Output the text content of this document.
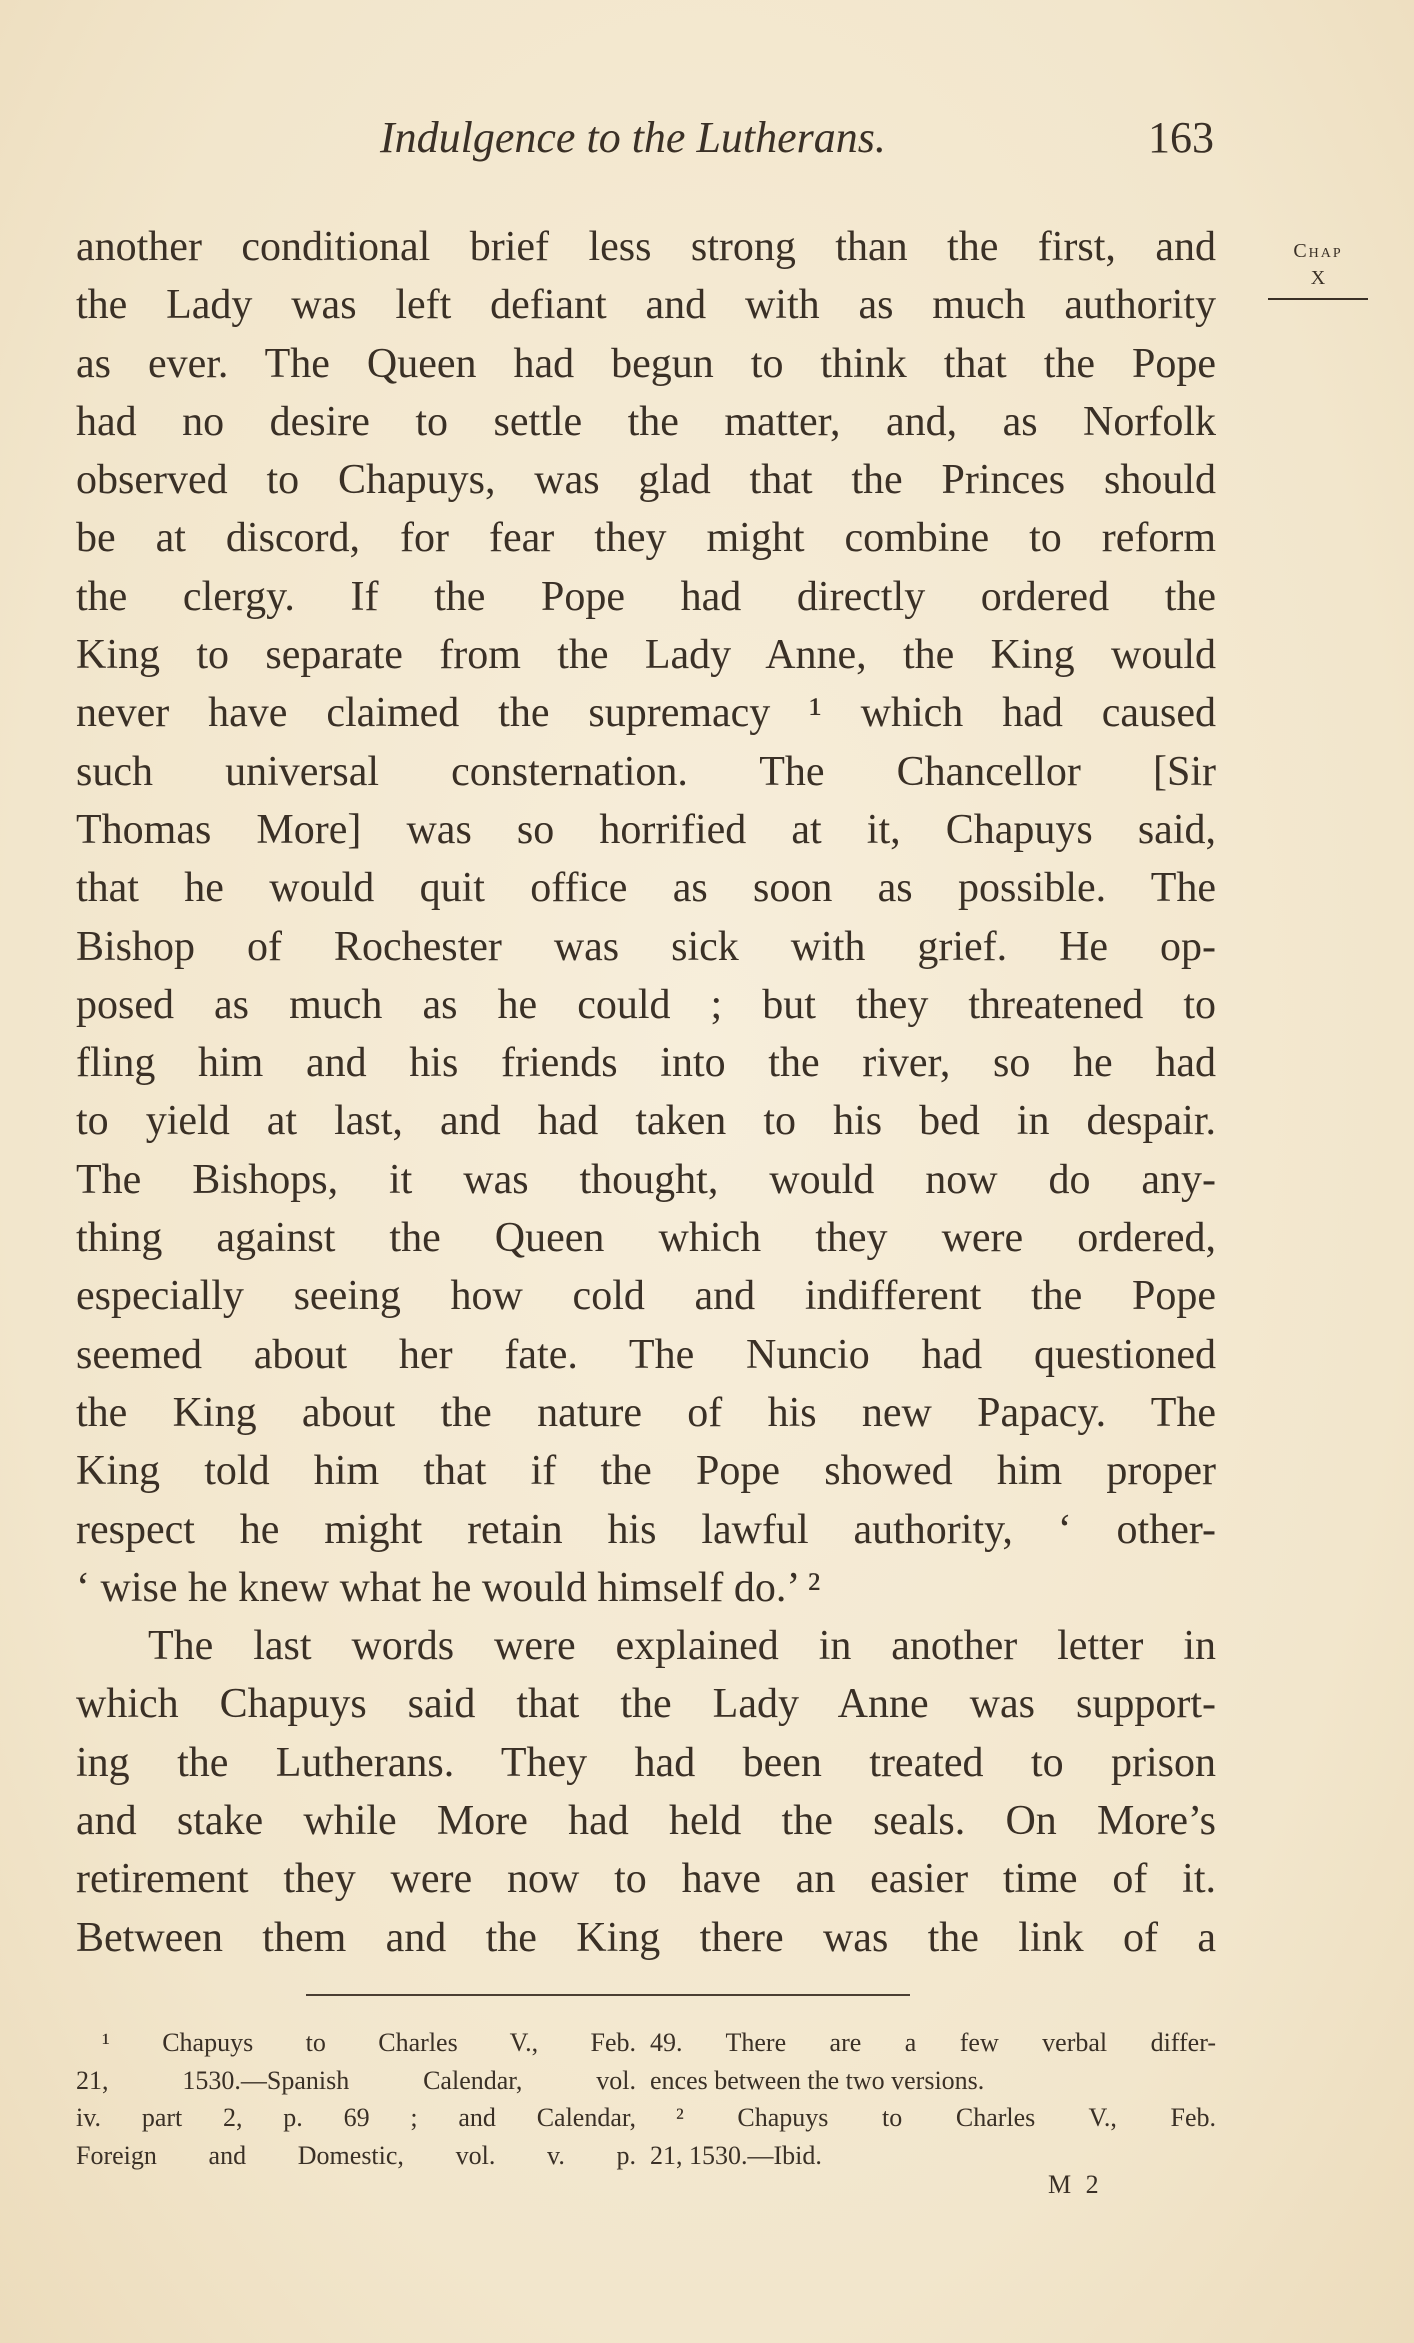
Indulgence to the Lutherans.	163
Chap
X
another conditional brief less strong than the first, and
the Lady was left defiant and with as much authority
as ever. The Queen had begun to think that the Pope
had no desire to settle the matter, and, as Norfolk
observed to Chapuys, was glad that the Princes should
be at discord, for fear they might combine to reform
the clergy. If the Pope had directly ordered the
King to separate from the Lady Anne, the King would
never have claimed the supremacy ¹ which had caused
such universal consternation. The Chancellor [Sir
Thomas More] was so horrified at it, Chapuys said,
that he would quit office as soon as possible. The
Bishop of Rochester was sick with grief. He op-
posed as much as he could ; but they threatened to
fling him and his friends into the river, so he had
to yield at last, and had taken to his bed in despair.
The Bishops, it was thought, would now do any-
thing against the Queen which they were ordered,
especially seeing how cold and indifferent the Pope
seemed about her fate. The Nuncio had questioned
the King about the nature of his new Papacy. The
King told him that if the Pope showed him proper
respect he might retain his lawful authority, ‘ other-
‘ wise he knew what he would himself do.’ ²
The last words were explained in another letter in
which Chapuys said that the Lady Anne was support-
ing the Lutherans. They had been treated to prison
and stake while More had held the seals. On More’s
retirement they were now to have an easier time of it.
Between them and the King there was the link of a
¹ Chapuys to Charles V., Feb.
21, 1530.—Spanish Calendar, vol.
iv. part 2, p. 69 ; and Calendar,
Foreign and Domestic, vol. v. p.
49. There are a few verbal differ-
ences between the two versions.
² Chapuys to Charles V., Feb.
21, 1530.—Ibid.
M 2
